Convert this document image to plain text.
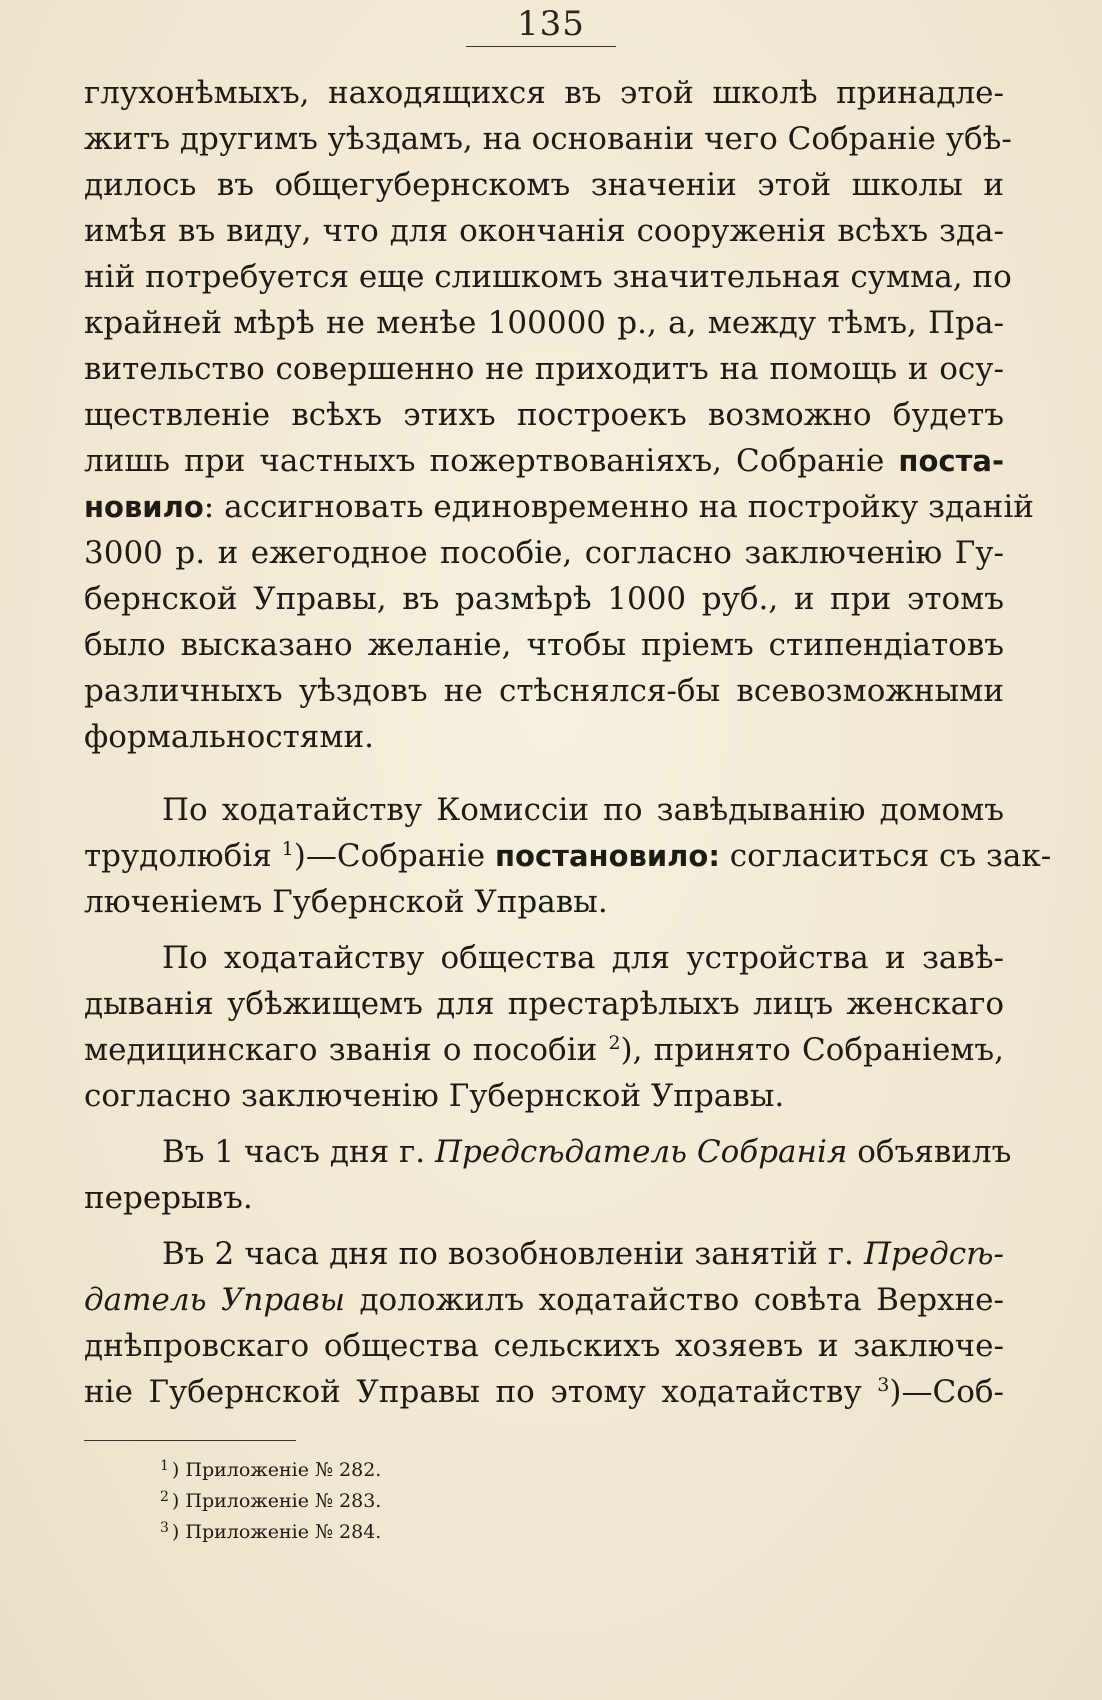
135
глухонѣмыхъ, находящихся въ этой школѣ принадле-
житъ другимъ уѣздамъ, на основанiи чего Собранiе убѣ-
дилось въ общегубернскомъ значенiи этой школы и
имѣя въ виду, что для окончанiя сооруженiя всѣхъ зда-
нiй потребуется еще слишкомъ значительная сумма, по
крайней мѣрѣ не менѣе 100000 р., а, между тѣмъ, Пра-
вительство совершенно не приходитъ на помощь и осу-
ществленiе всѣхъ этихъ построекъ возможно будетъ
лишь при частныхъ пожертвованiяхъ, Собранiе поста-
новило: ассигновать единовременно на постройку зданiй
3000 р. и ежегодное пособiе, согласно заключенiю Гу-
бернской Управы, въ размѣрѣ 1000 руб., и при этомъ
было высказано желанiе, чтобы прiемъ стипендiатовъ
различныхъ уѣздовъ не стѣснялся-бы всевозможными
формальностями.
По ходатайству Комиссiи по завѣдыванiю домомъ
трудолюбiя $^1$)—Собранiе постановило: согласиться съ зак-
люченiемъ Губернской Управы.
По ходатайству общества для устройства и завѣ-
дыванiя убѣжищемъ для престарѣлыхъ лицъ женскаго
медицинскаго званiя о пособiи $^2$), принято Собранiемъ,
согласно заключенiю Губернской Управы.
Въ 1 часъ дня г. Предсѣдатель Собранiя объявилъ
перерывъ.
Въ 2 часа дня по возобновленiи занятiй г. Предсѣ-
датель Управы доложилъ ходатайство совѣта Верхне-
днѣпровскаго общества сельскихъ хозяевъ и заключе-
нiе Губернской Управы по этому ходатайству $^3$)—Соб-
$^1$ ) Приложенiе № 282.
$^2$ ) Приложенiе № 283.
$^3$ ) Приложенiе № 284.
